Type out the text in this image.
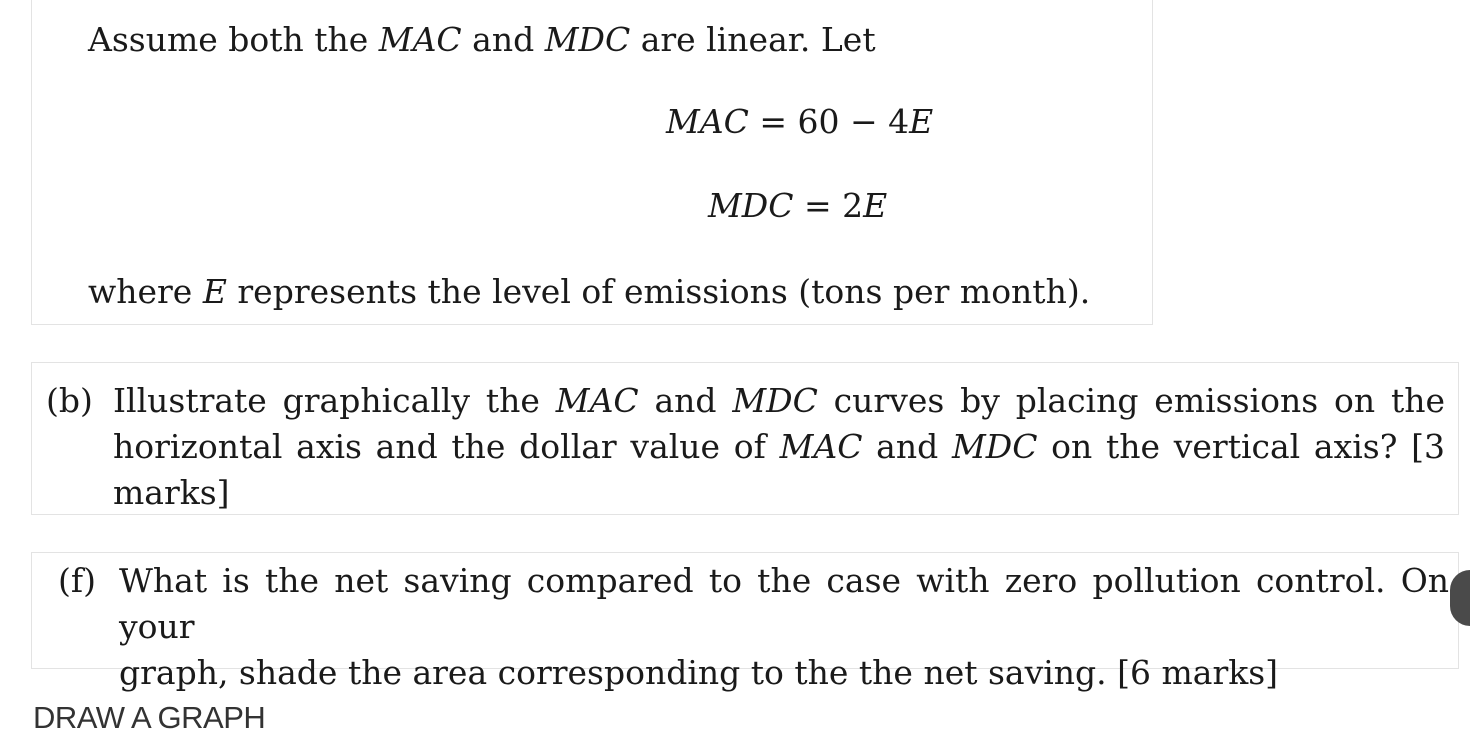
Assume both the MAC and MDC are linear. Let
MAC = 60 − 4E
MDC = 2E
where E represents the level of emissions (tons per month).
(b) Illustrate graphically the MAC and MDC curves by placing emissions on the
horizontal axis and the dollar value of MAC and MDC on the vertical axis? [3
marks]
(f) What is the net saving compared to the case with zero pollution control. On your
graph, shade the area corresponding to the the net saving. [6 marks]
DRAW A GRAPH
